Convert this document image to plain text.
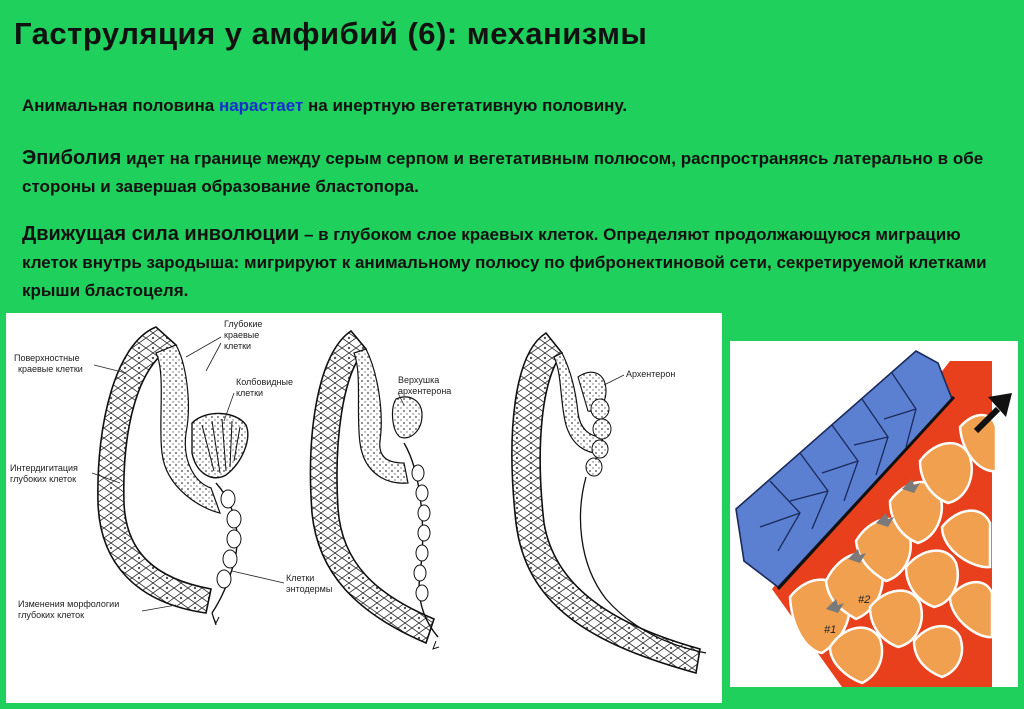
Гаструляция у амфибий (6): механизмы
Анимальная половина нарастает на инертную вегетативную половину.
Эпиболия идет на границе между серым серпом и вегетативным полюсом, распространяясь латерально в обе стороны и завершая образование бластопора.
Движущая сила инволюции – в глубоком слое краевых клеток. Определяют продолжающуюся миграцию клеток внутрь зародыша: мигрируют к анимальному полюсу по фибронектиновой сети, секретируемой клетками крыши бластоцеля.
Глубокие
краевые
клетки
Поверхностные
краевые клетки
Колбовидные
клетки
Интердигитация
глубоких клеток
Клетки
энтодермы
Изменения морфологии
глубоких клеток
Верхушка
архентерона
Архентерон
#1
#2
